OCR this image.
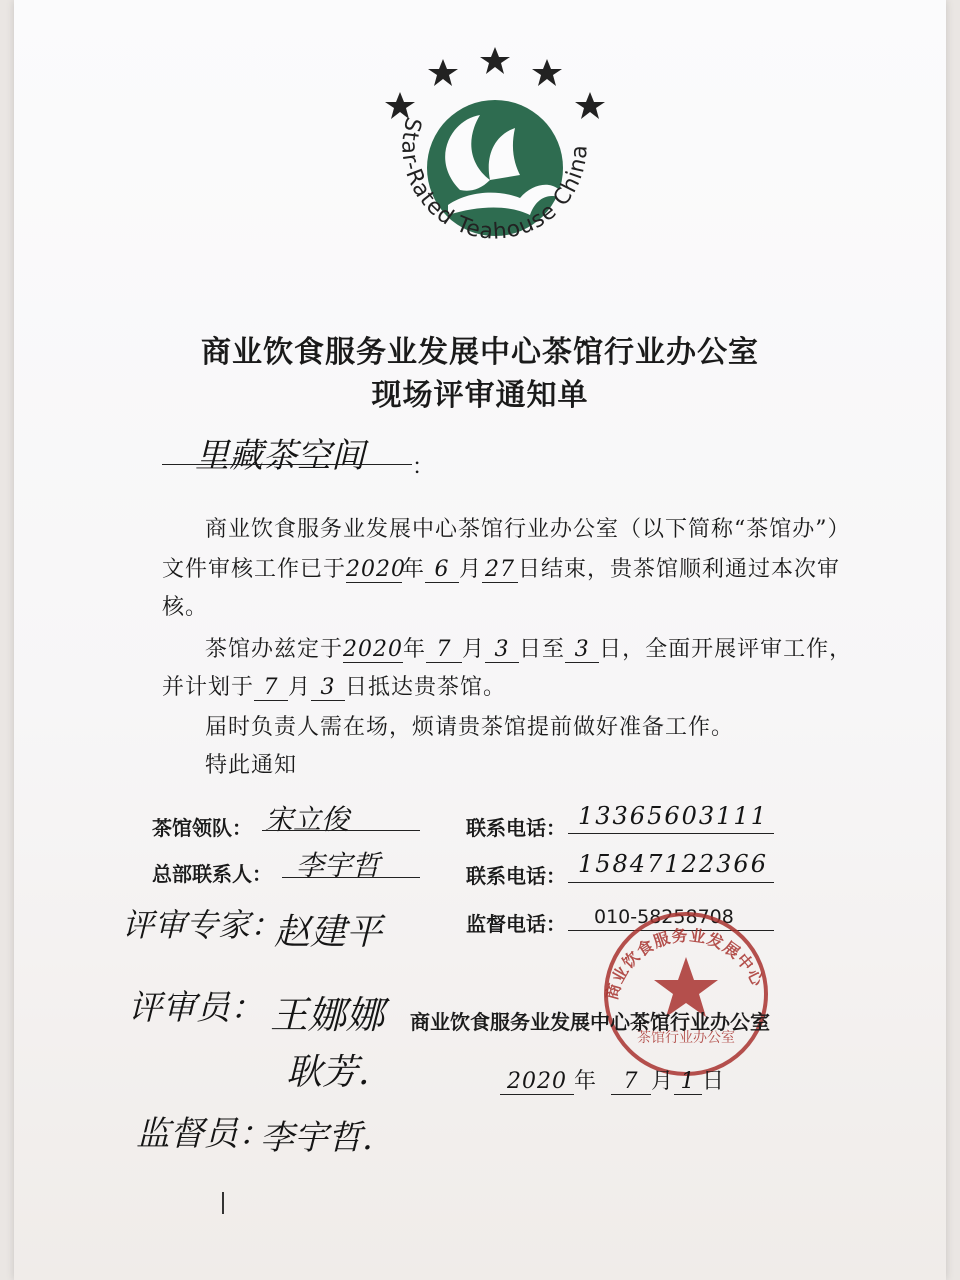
Star-Rated Teahouse China
商业饮食服务业发展中心茶馆行业办公室
现场评审通知单
里藏茶空间 ：
商业饮食服务业发展中心茶馆行业办公室（以下简称“茶馆办”）
文件审核工作已于2020年 6 月 27 日结束，贵茶馆顺利通过本次审
核。
茶馆办兹定于2020年 7 月 3 日至 3 日，全面开展评审工作，
并计划于 7 月 3 日抵达贵茶馆。
届时负责人需在场，烦请贵茶馆提前做好准备工作。
特此通知
茶馆领队： 宋立俊	联系电话： 13365603111
总部联系人： 李宇哲	联系电话： 15847122366
监督电话： 010-58258708
评审专家：
赵建平
评审员： 王娜娜
耿芳.
监督员：
李宇哲.
商业饮食服务业发展中心
茶馆行业办公室
商业饮食服务业发展中心茶馆行业办公室
2020 年 7 月 1 日
